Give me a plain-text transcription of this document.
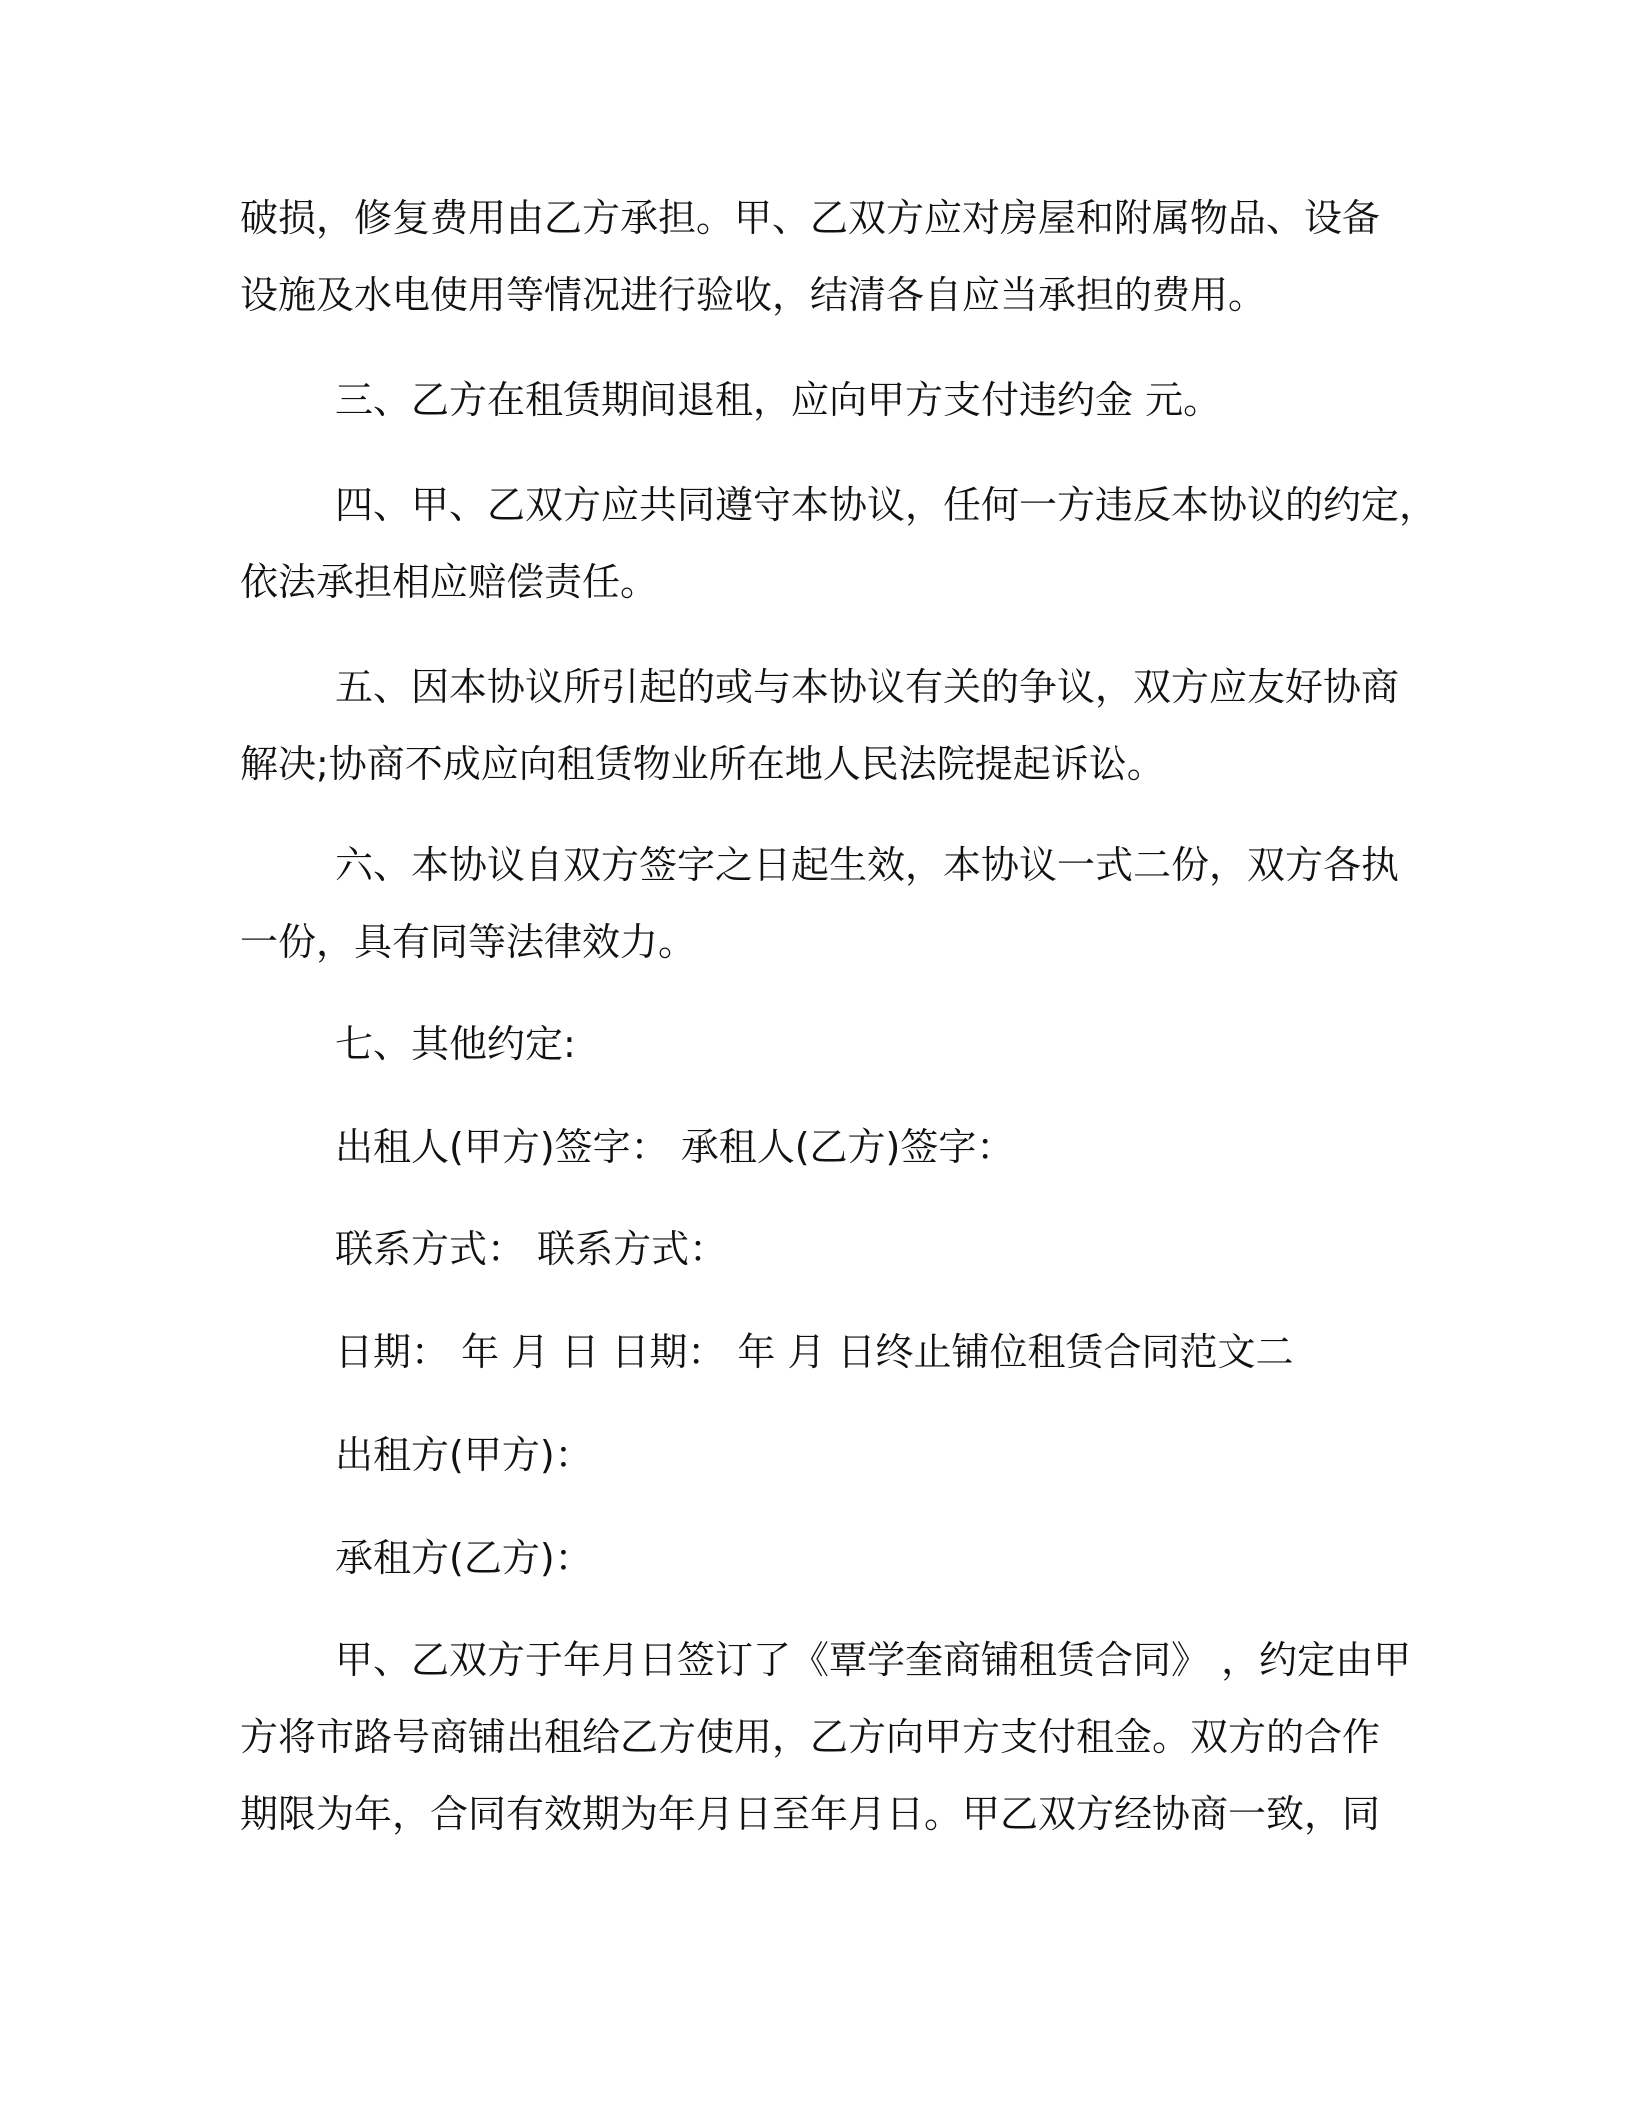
破损，修复费用由乙方承担。甲、乙双方应对房屋和附属物品、设备
设施及水电使用等情况进行验收，结清各自应当承担的费用。
三、乙方在租赁期间退租，应向甲方支付违约金 元。
四、甲、乙双方应共同遵守本协议，任何一方违反本协议的约定，
依法承担相应赔偿责任。
五、因本协议所引起的或与本协议有关的争议，双方应友好协商
解决;协商不成应向租赁物业所在地人民法院提起诉讼。
六、本协议自双方签字之日起生效，本协议一式二份，双方各执
一份，具有同等法律效力。
七、其他约定:
出租人(甲方)签字： 承租人(乙方)签字：
联系方式： 联系方式：
日期： 年 月 日 日期： 年 月 日终止铺位租赁合同范文二
出租方(甲方)：
承租方(乙方)：
甲、乙双方于年月日签订了《覃学奎商铺租赁合同》 ，约定由甲
方将市路号商铺出租给乙方使用，乙方向甲方支付租金。双方的合作
期限为年，合同有效期为年月日至年月日。甲乙双方经协商一致，同
